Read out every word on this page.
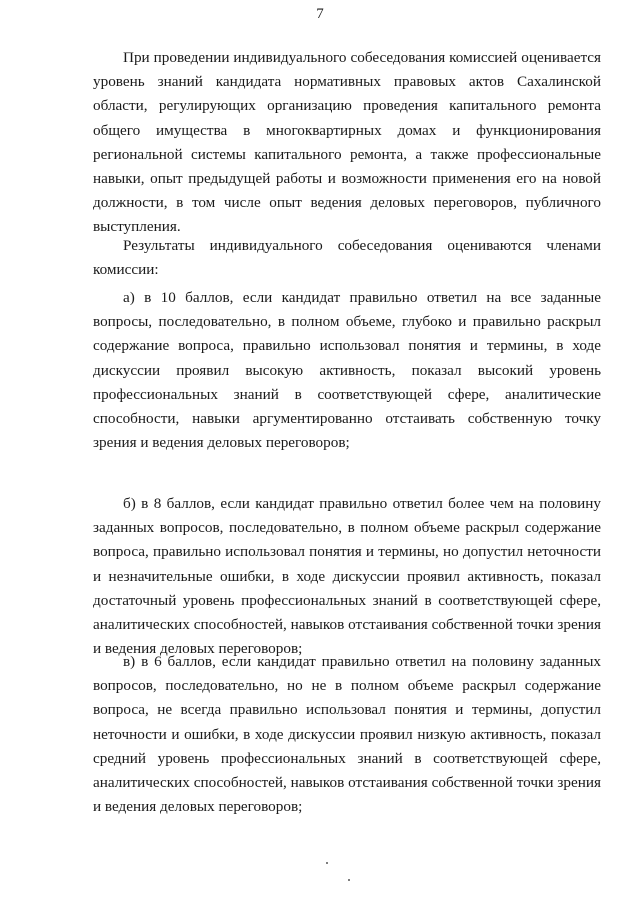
7

При проведении индивидуального собеседования комиссией оценивается уровень знаний кандидата нормативных правовых актов Сахалинской области, регулирующих организацию проведения капитального ремонта общего имущества в многоквартирных домах и функционирования региональной системы капитального ремонта, а также профессиональные навыки, опыт предыдущей работы и возможности применения его на новой должности, в том числе опыт ведения деловых переговоров, публичного выступления.

Результаты индивидуального собеседования оцениваются членами комиссии:

а) в 10 баллов, если кандидат правильно ответил на все заданные вопросы, последовательно, в полном объеме, глубоко и правильно раскрыл содержание вопроса, правильно использовал понятия и термины, в ходе дискуссии проявил высокую активность, показал высокий уровень профессиональных знаний в соответствующей сфере, аналитические способности, навыки аргументированно отстаивать собственную точку зрения и ведения деловых переговоров;

б) в 8 баллов, если кандидат правильно ответил более чем на половину заданных вопросов, последовательно, в полном объеме раскрыл содержание вопроса, правильно использовал понятия и термины, но допустил неточности и незначительные ошибки, в ходе дискуссии проявил активность, показал достаточный уровень профессиональных знаний в соответствующей сфере, аналитических способностей, навыков отстаивания собственной точки зрения и ведения деловых переговоров;

в) в 6 баллов, если кандидат правильно ответил на половину заданных вопросов, последовательно, но не в полном объеме раскрыл содержание вопроса, не всегда правильно использовал понятия и термины, допустил неточности и ошибки, в ходе дискуссии проявил низкую активность, показал средний уровень профессиональных знаний в соответствующей сфере, аналитических способностей, навыков отстаивания собственной точки зрения и ведения деловых переговоров;
